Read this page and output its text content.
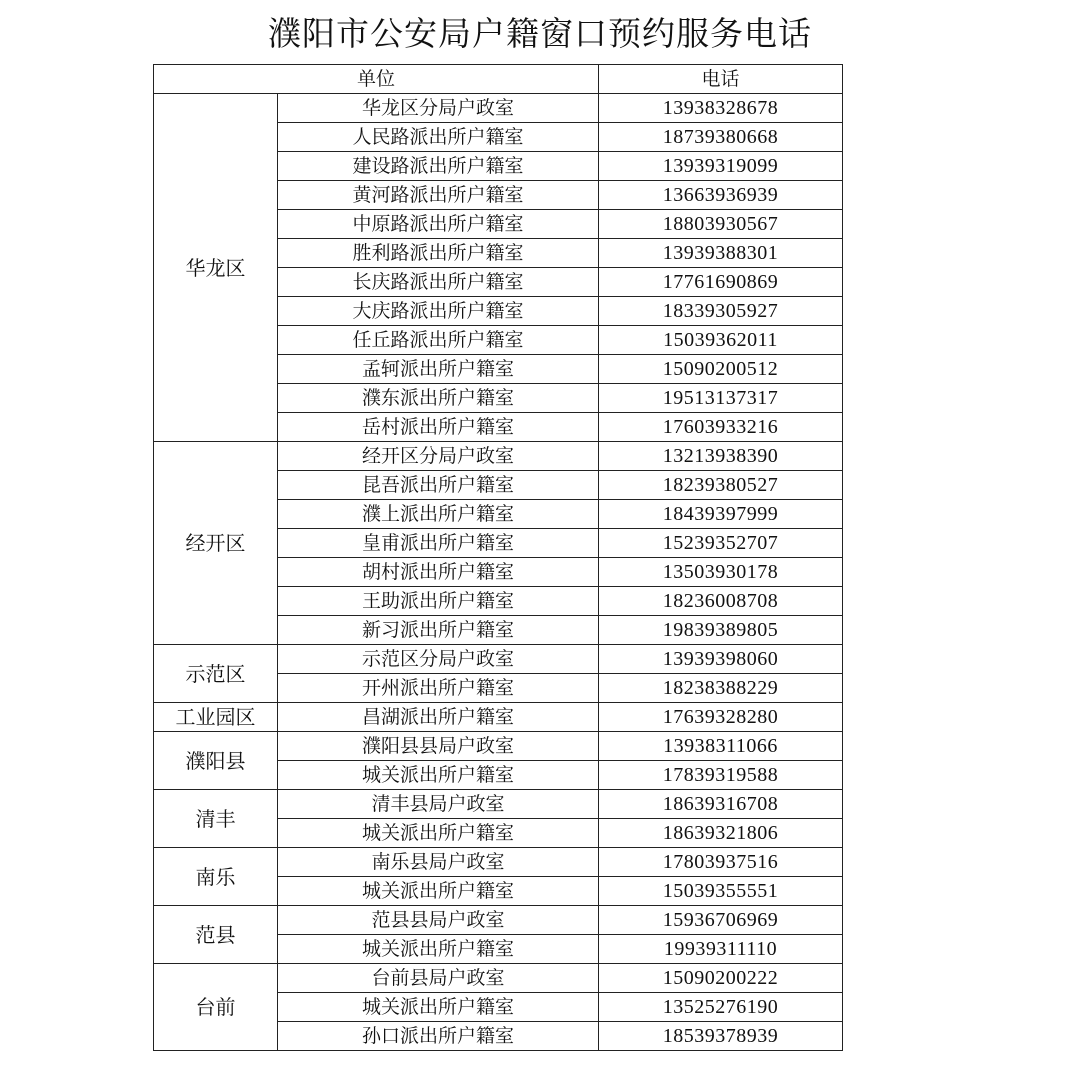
濮阳市公安局户籍窗口预约服务电话
单位		电话
华龙区	华龙区分局户政室	13938328678
	人民路派出所户籍室	18739380668
	建设路派出所户籍室	13939319099
	黄河路派出所户籍室	13663936939
	中原路派出所户籍室	18803930567
	胜利路派出所户籍室	13939388301
	长庆路派出所户籍室	17761690869
	大庆路派出所户籍室	18339305927
	任丘路派出所户籍室	15039362011
	孟轲派出所户籍室	15090200512
	濮东派出所户籍室	19513137317
	岳村派出所户籍室	17603933216
经开区	经开区分局户政室	13213938390
	昆吾派出所户籍室	18239380527
	濮上派出所户籍室	18439397999
	皇甫派出所户籍室	15239352707
	胡村派出所户籍室	13503930178
	王助派出所户籍室	18236008708
	新习派出所户籍室	19839389805
示范区	示范区分局户政室	13939398060
	开州派出所户籍室	18238388229
工业园区	昌湖派出所户籍室	17639328280
濮阳县	濮阳县县局户政室	13938311066
	城关派出所户籍室	17839319588
清丰	清丰县局户政室	18639316708
	城关派出所户籍室	18639321806
南乐	南乐县局户政室	17803937516
	城关派出所户籍室	15039355551
范县	范县县局户政室	15936706969
	城关派出所户籍室	19939311110
台前	台前县局户政室	15090200222
	城关派出所户籍室	13525276190
	孙口派出所户籍室	18539378939
